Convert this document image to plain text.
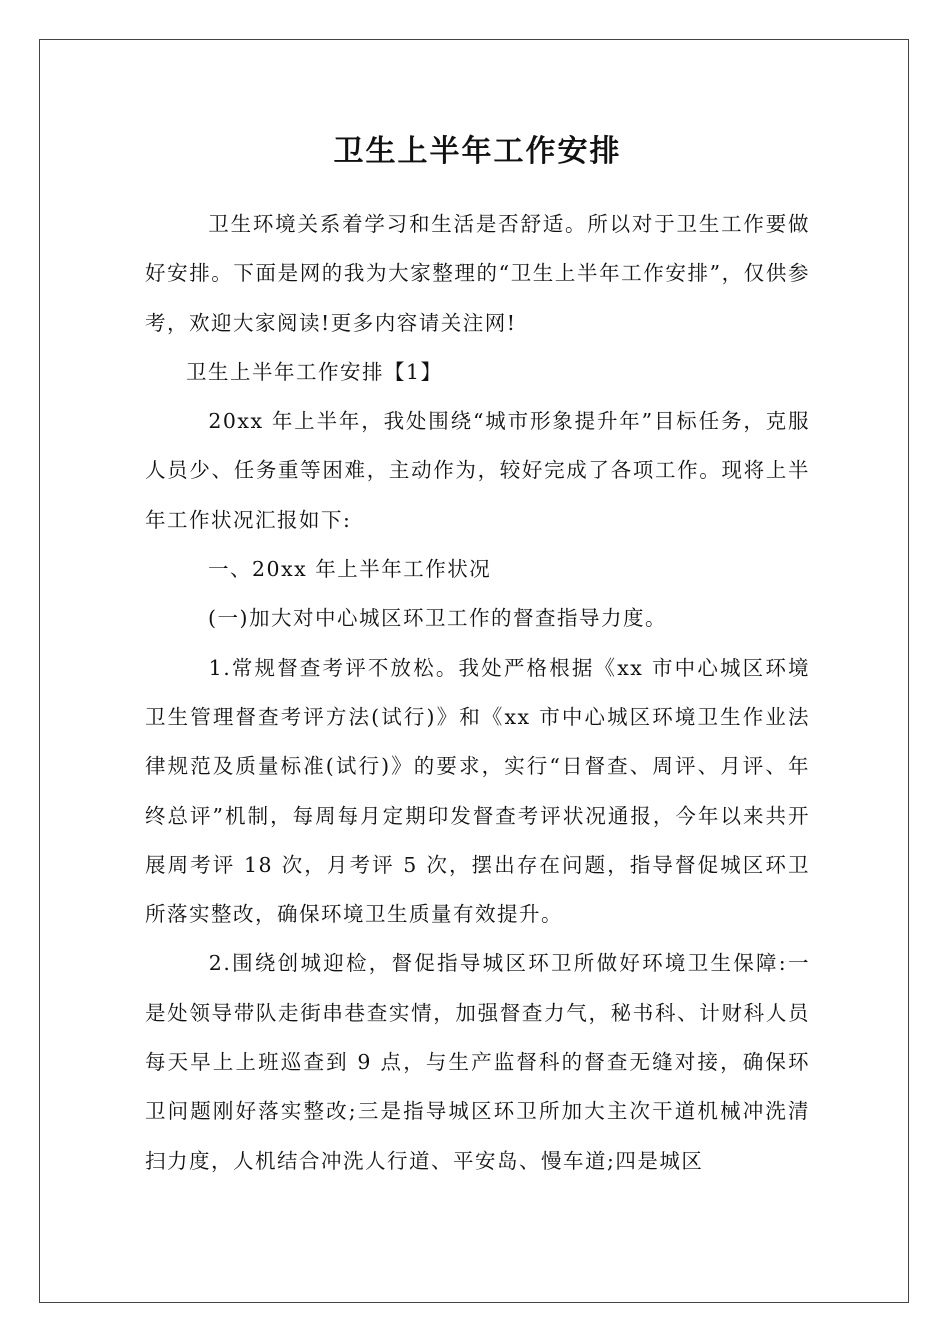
卫生上半年工作安排

　卫生环境关系着学习和生活是否舒适。所以对于卫生工作要做好安排。下面是网的我为大家整理的“卫生上半年工作安排”，仅供参考，欢迎大家阅读!更多内容请关注网!

卫生上半年工作安排【1】

　20xx 年上半年，我处围绕“城市形象提升年”目标任务，克服人员少、任务重等困难，主动作为，较好完成了各项工作。现将上半年工作状况汇报如下:

　一、20xx 年上半年工作状况

　(一)加大对中心城区环卫工作的督查指导力度。

　1.常规督查考评不放松。我处严格根据《xx 市中心城区环境卫生管理督查考评方法(试行)》和《xx 市中心城区环境卫生作业法律规范及质量标准(试行)》的要求，实行“日督查、周评、月评、年终总评”机制，每周每月定期印发督查考评状况通报，今年以来共开展周考评 18 次，月考评 5 次，摆出存在问题，指导督促城区环卫所落实整改，确保环境卫生质量有效提升。

　2.围绕创城迎检，督促指导城区环卫所做好环境卫生保障:一是处领导带队走街串巷查实情，加强督查力气，秘书科、计财科人员每天早上上班巡查到 9 点，与生产监督科的督查无缝对接，确保环卫问题刚好落实整改;三是指导城区环卫所加大主次干道机械冲洗清扫力度，人机结合冲洗人行道、平安岛、慢车道;四是城区
